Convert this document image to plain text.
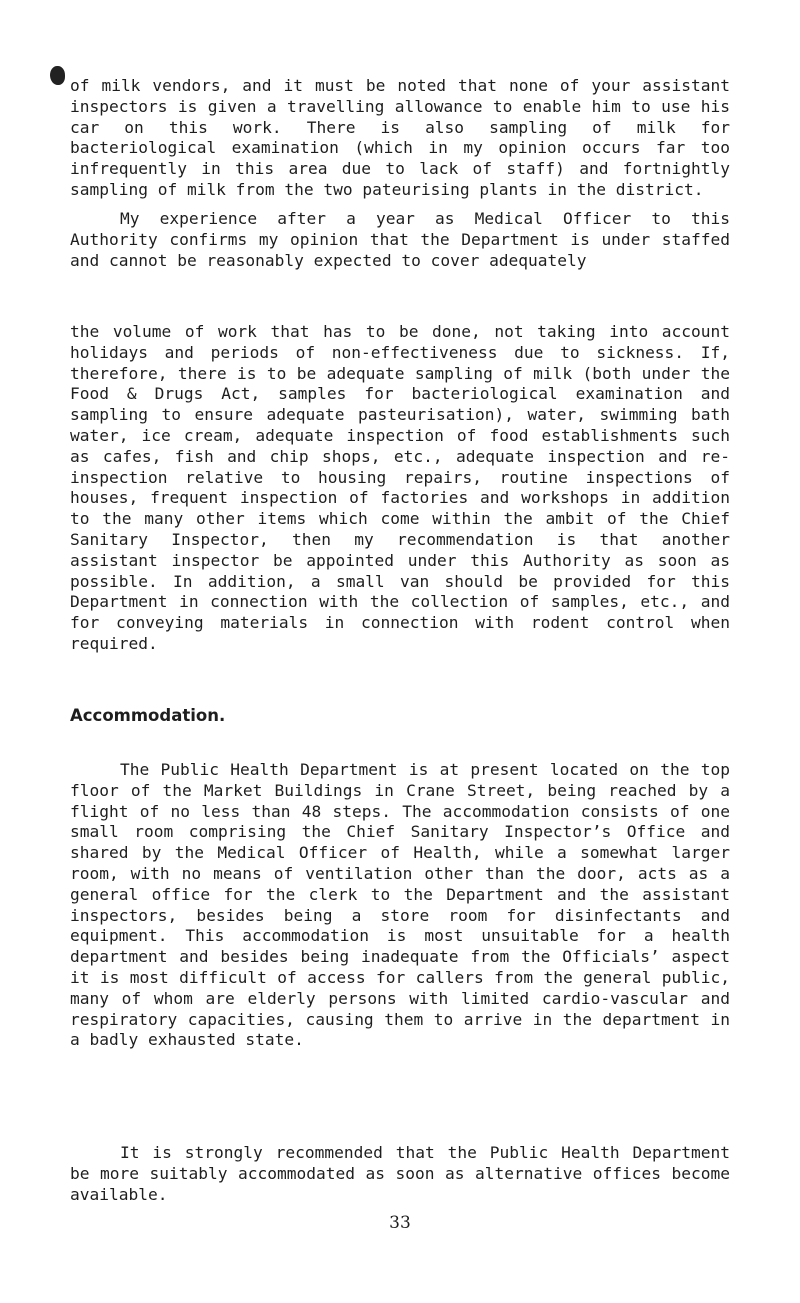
of milk vendors, and it must be noted that none of your assistant inspectors is given a travelling allowance to enable him to use his car on this work. There is also sampling of milk for bacteriological examination (which in my opinion occurs far too infrequently in this area due to lack of staff) and fortnightly sampling of milk from the two pateurising plants in the district.

My experience after a year as Medical Officer to this Authority confirms my opinion that the Department is under staffed and cannot be reasonably expected to cover adequately

the volume of work that has to be done, not taking into account holidays and periods of non-effectiveness due to sickness. If, therefore, there is to be adequate sampling of milk (both under the Food & Drugs Act, samples for bacteriological examination and sampling to ensure adequate pasteurisation), water, swimming bath water, ice cream, adequate inspection of food establishments such as cafes, fish and chip shops, etc., adequate inspection and re-inspection relative to housing repairs, routine inspections of houses, frequent inspection of factories and workshops in addition to the many other items which come within the ambit of the Chief Sanitary Inspector, then my recommendation is that another assistant inspector be appointed under this Authority as soon as possible. In addition, a small van should be provided for this Department in connection with the collection of samples, etc., and for conveying materials in connection with rodent control when required.

Accommodation.

The Public Health Department is at present located on the top floor of the Market Buildings in Crane Street, being reached by a flight of no less than 48 steps. The accommodation consists of one small room comprising the Chief Sanitary Inspector’s Office and shared by the Medical Officer of Health, while a somewhat larger room, with no means of ventilation other than the door, acts as a general office for the clerk to the Department and the assistant inspectors, besides being a store room for disinfectants and equipment. This accommodation is most unsuitable for a health department and besides being inadequate from the Officials’ aspect it is most difficult of access for callers from the general public, many of whom are elderly persons with limited cardio-vascular and respiratory capacities, causing them to arrive in the department in a badly exhausted state.

It is strongly recommended that the Public Health Department be more suitably accommodated as soon as alternative offices become available.

33
